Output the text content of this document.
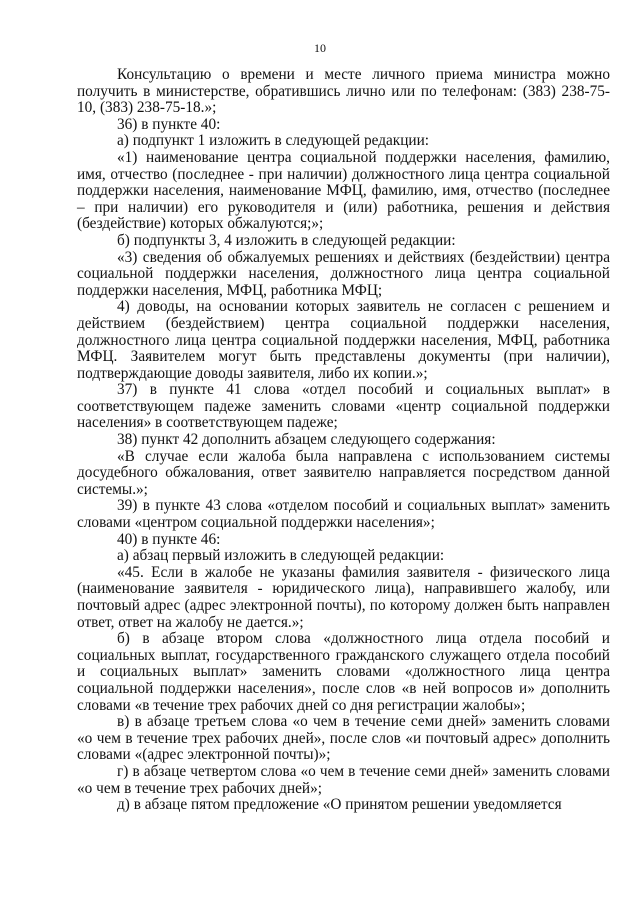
10

Консультацию о времени и месте личного приема министра можно получить в министерстве, обратившись лично или по телефонам: (383) 238-75-10, (383) 238-75-18.»;

36) в пункте 40:

а) подпункт 1 изложить в следующей редакции:

«1) наименование центра социальной поддержки населения, фамилию, имя, отчество (последнее - при наличии) должностного лица центра социальной поддержки населения, наименование МФЦ, фамилию, имя, отчество (последнее – при наличии) его руководителя и (или) работника, решения и действия (бездействие) которых обжалуются;»;

б) подпункты 3, 4 изложить в следующей редакции:

«3) сведения об обжалуемых решениях и действиях (бездействии) центра социальной поддержки населения, должностного лица центра социальной поддержки населения, МФЦ, работника МФЦ;

4) доводы, на основании которых заявитель не согласен с решением и действием (бездействием) центра социальной поддержки населения, должностного лица центра социальной поддержки населения, МФЦ, работника МФЦ. Заявителем могут быть представлены документы (при наличии), подтверждающие доводы заявителя, либо их копии.»;

37) в пункте 41 слова «отдел пособий и социальных выплат» в соответствующем падеже заменить словами «центр социальной поддержки населения» в соответствующем падеже;

38) пункт 42 дополнить абзацем следующего содержания:

«В случае если жалоба была направлена с использованием системы досудебного обжалования, ответ заявителю направляется посредством данной системы.»;

39) в пункте 43 слова «отделом пособий и социальных выплат» заменить словами «центром социальной поддержки населения»;

40) в пункте 46:

а) абзац первый изложить в следующей редакции:

«45. Если в жалобе не указаны фамилия заявителя - физического лица (наименование заявителя - юридического лица), направившего жалобу, или почтовый адрес (адрес электронной почты), по которому должен быть направлен ответ, ответ на жалобу не дается.»;

б) в абзаце втором слова «должностного лица отдела пособий и социальных выплат, государственного гражданского служащего отдела пособий и социальных выплат» заменить словами «должностного лица центра социальной поддержки населения», после слов «в ней вопросов и» дополнить словами «в течение трех рабочих дней со дня регистрации жалобы»;

в) в абзаце третьем слова «о чем в течение семи дней» заменить словами «о чем в течение трех рабочих дней», после слов «и почтовый адрес» дополнить словами «(адрес электронной почты)»;

г) в абзаце четвертом слова «о чем в течение семи дней» заменить словами «о чем в течение трех рабочих дней»;

д) в абзаце пятом предложение «О принятом решении уведомляется
